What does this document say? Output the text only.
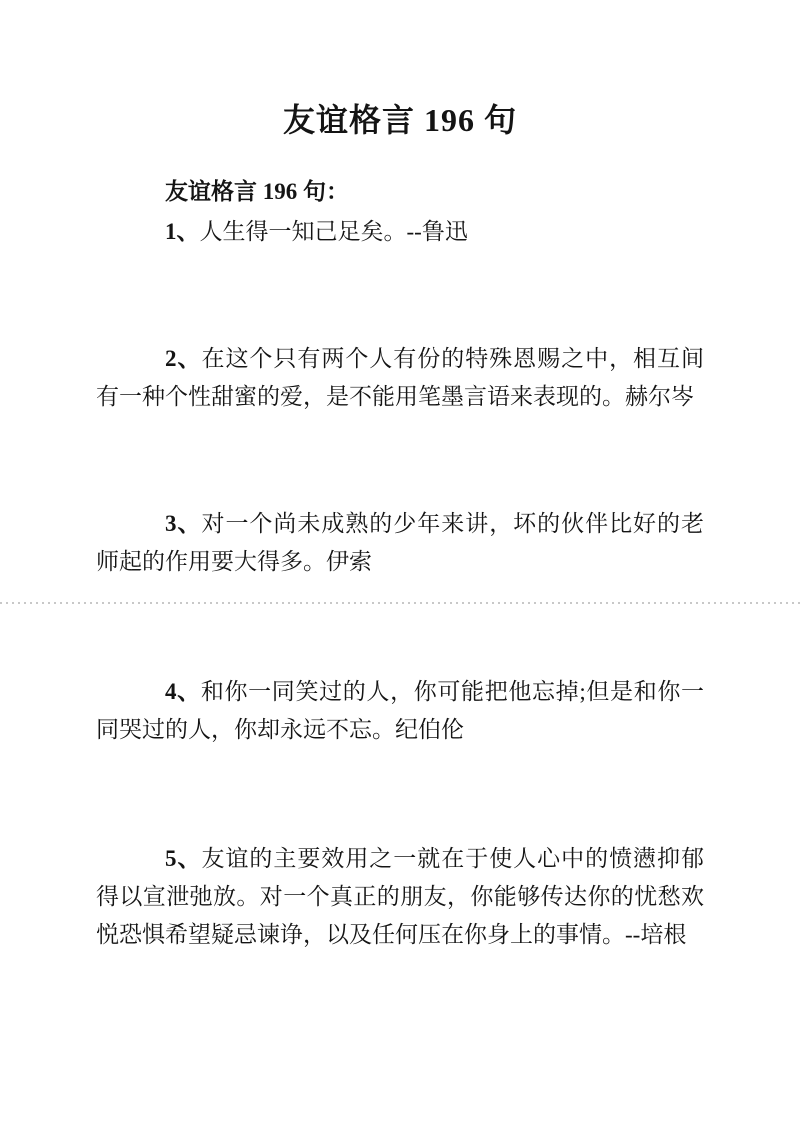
友谊格言 196 句

友谊格言 196 句：

1、人生得一知己足矣。--鲁迅

2、在这个只有两个人有份的特殊恩赐之中，相互间有一种个性甜蜜的爱，是不能用笔墨言语来表现的。赫尔岑

3、对一个尚未成熟的少年来讲，坏的伙伴比好的老师起的作用要大得多。伊索

4、和你一同笑过的人，你可能把他忘掉;但是和你一同哭过的人，你却永远不忘。纪伯伦

5、友谊的主要效用之一就在于使人心中的愤懑抑郁得以宣泄弛放。对一个真正的朋友，你能够传达你的忧愁欢悦恐惧希望疑忌谏诤，以及任何压在你身上的事情。--培根
